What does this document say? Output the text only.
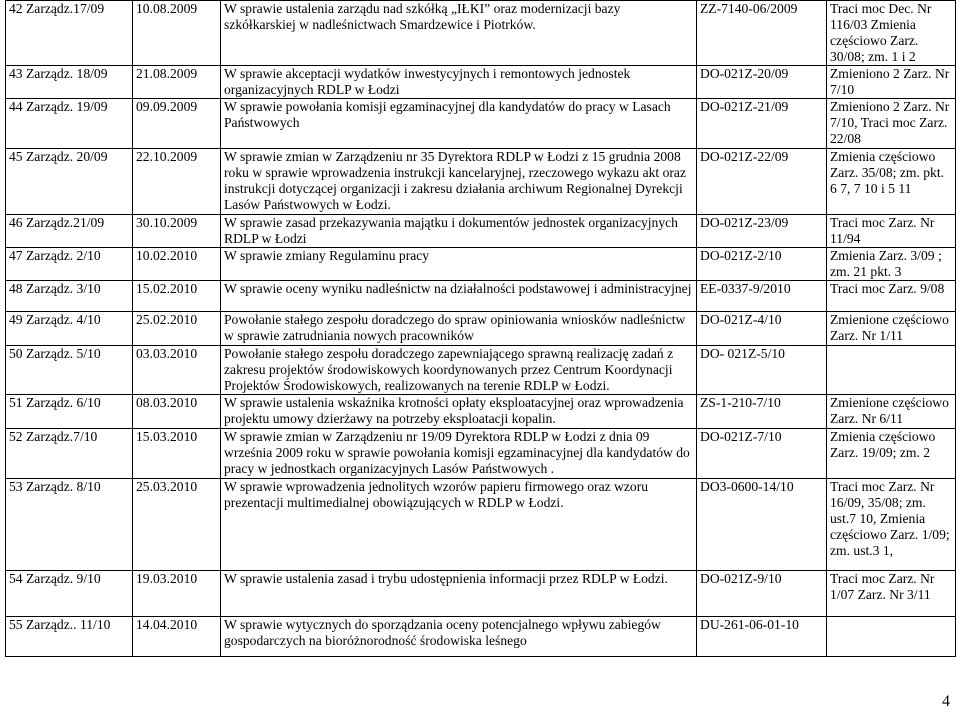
42 Zarządz.17/09	10.08.2009	W sprawie ustalenia zarządu nad szkółką „IŁKI” oraz modernizacji bazy szkółkarskiej w nadleśnictwach Smardzewice i Piotrków.	ZZ-7140-06/2009	Traci moc Dec. Nr 116/03 Zmienia częściowo Zarz. 30/08; zm. 1 i 2
43 Zarządz. 18/09	21.08.2009	W sprawie akceptacji wydatków inwestycyjnych i remontowych jednostek organizacyjnych RDLP w Łodzi	DO-021Z-20/09	Zmieniono 2 Zarz. Nr 7/10
44 Zarządz. 19/09	09.09.2009	W sprawie powołania komisji egzaminacyjnej dla kandydatów do pracy w Lasach Państwowych	DO-021Z-21/09	Zmieniono 2 Zarz. Nr 7/10, Traci moc Zarz. 22/08
45 Zarządz. 20/09	22.10.2009	W sprawie zmian w Zarządzeniu nr 35 Dyrektora RDLP w Łodzi z 15 grudnia 2008 roku w sprawie wprowadzenia instrukcji kancelaryjnej, rzeczowego wykazu akt oraz instrukcji dotyczącej organizacji i zakresu działania archiwum Regionalnej Dyrekcji Lasów Państwowych w Łodzi.	DO-021Z-22/09	Zmienia częściowo Zarz. 35/08; zm. pkt. 6 7, 7 10 i 5 11
46 Zarządz.21/09	30.10.2009	W sprawie zasad przekazywania majątku i dokumentów jednostek organizacyjnych RDLP w Łodzi	DO-021Z-23/09	Traci moc Zarz. Nr 11/94
47 Zarządz. 2/10	10.02.2010	W sprawie zmiany Regulaminu pracy	DO-021Z-2/10	Zmienia Zarz. 3/09 ; zm. 21 pkt. 3
48 Zarządz. 3/10	15.02.2010	W sprawie oceny wyniku nadleśnictw na działalności podstawowej i administracyjnej	EE-0337-9/2010	Traci moc Zarz. 9/08
49 Zarządz. 4/10	25.02.2010	Powołanie stałego zespołu doradczego do spraw opiniowania wniosków nadleśnictw w sprawie zatrudniania nowych pracowników	DO-021Z-4/10	Zmienione częściowo Zarz. Nr 1/11
50 Zarządz. 5/10	03.03.2010	Powołanie stałego zespołu doradczego zapewniającego sprawną realizację zadań z zakresu projektów środowiskowych koordynowanych przez Centrum Koordynacji Projektów Środowiskowych, realizowanych na terenie RDLP w Łodzi.	DO- 021Z-5/10	
51 Zarządz. 6/10	08.03.2010	W sprawie ustalenia wskaźnika krotności opłaty eksploatacyjnej oraz wprowadzenia projektu umowy dzierżawy na potrzeby eksploatacji kopalin.	ZS-1-210-7/10	Zmienione częściowo Zarz. Nr 6/11
52 Zarządz.7/10	15.03.2010	W sprawie zmian w Zarządzeniu nr 19/09 Dyrektora RDLP w Łodzi z dnia 09 września 2009 roku w sprawie powołania komisji egzaminacyjnej dla kandydatów do pracy w jednostkach organizacyjnych Lasów Państwowych .	DO-021Z-7/10	Zmienia częściowo Zarz. 19/09; zm. 2
53 Zarządz. 8/10	25.03.2010	W sprawie wprowadzenia jednolitych wzorów papieru firmowego oraz wzoru prezentacji multimedialnej obowiązujących w RDLP w Łodzi.	DO3-0600-14/10	Traci moc Zarz. Nr 16/09, 35/08; zm. ust.7 10, Zmienia częściowo Zarz. 1/09; zm. ust.3 1,
54 Zarządz. 9/10	19.03.2010	W sprawie ustalenia zasad i trybu udostępnienia informacji przez RDLP w Łodzi.	DO-021Z-9/10	Traci moc Zarz. Nr 1/07 Zarz. Nr 3/11
55 Zarządz.. 11/10	14.04.2010	W sprawie wytycznych do sporządzania oceny potencjalnego wpływu zabiegów gospodarczych na bioróżnorodność środowiska leśnego	DU-261-06-01-10	
4
